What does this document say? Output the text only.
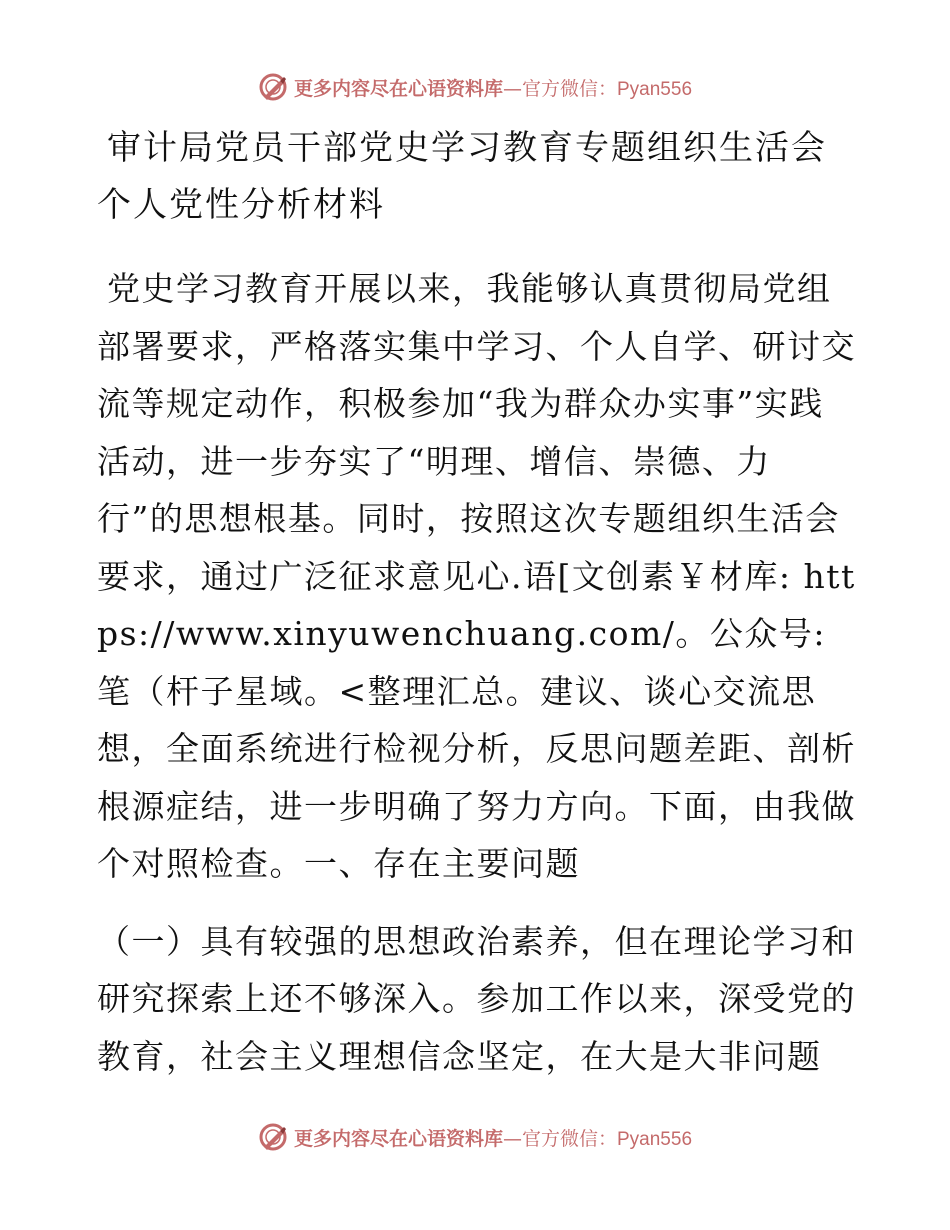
更多内容尽在心语资料库—官方微信：Pyan556
审计局党员干部党史学习教育专题组织生活会个人党性分析材料

党史学习教育开展以来，我能够认真贯彻局党组部署要求，严格落实集中学习、个人自学、研讨交流等规定动作，积极参加“我为群众办实事”实践活动，进一步夯实了“明理、增信、崇德、力行”的思想根基。同时，按照这次专题组织生活会要求，通过广泛征求意见心.语[文创素￥材库: https://www.xinyuwenchuang.com/。公众号: 笔（杆子星域。<整理汇总。建议、谈心交流思想，全面系统进行检视分析，反思问题差距、剖析根源症结，进一步明确了努力方向。下面，由我做个对照检查。一、存在主要问题

（一）具有较强的思想政治素养，但在理论学习和研究探索上还不够深入。参加工作以来，深受党的教育，社会主义理想信念坚定，在大是大非问题

更多内容尽在心语资料库—官方微信：Pyan556
